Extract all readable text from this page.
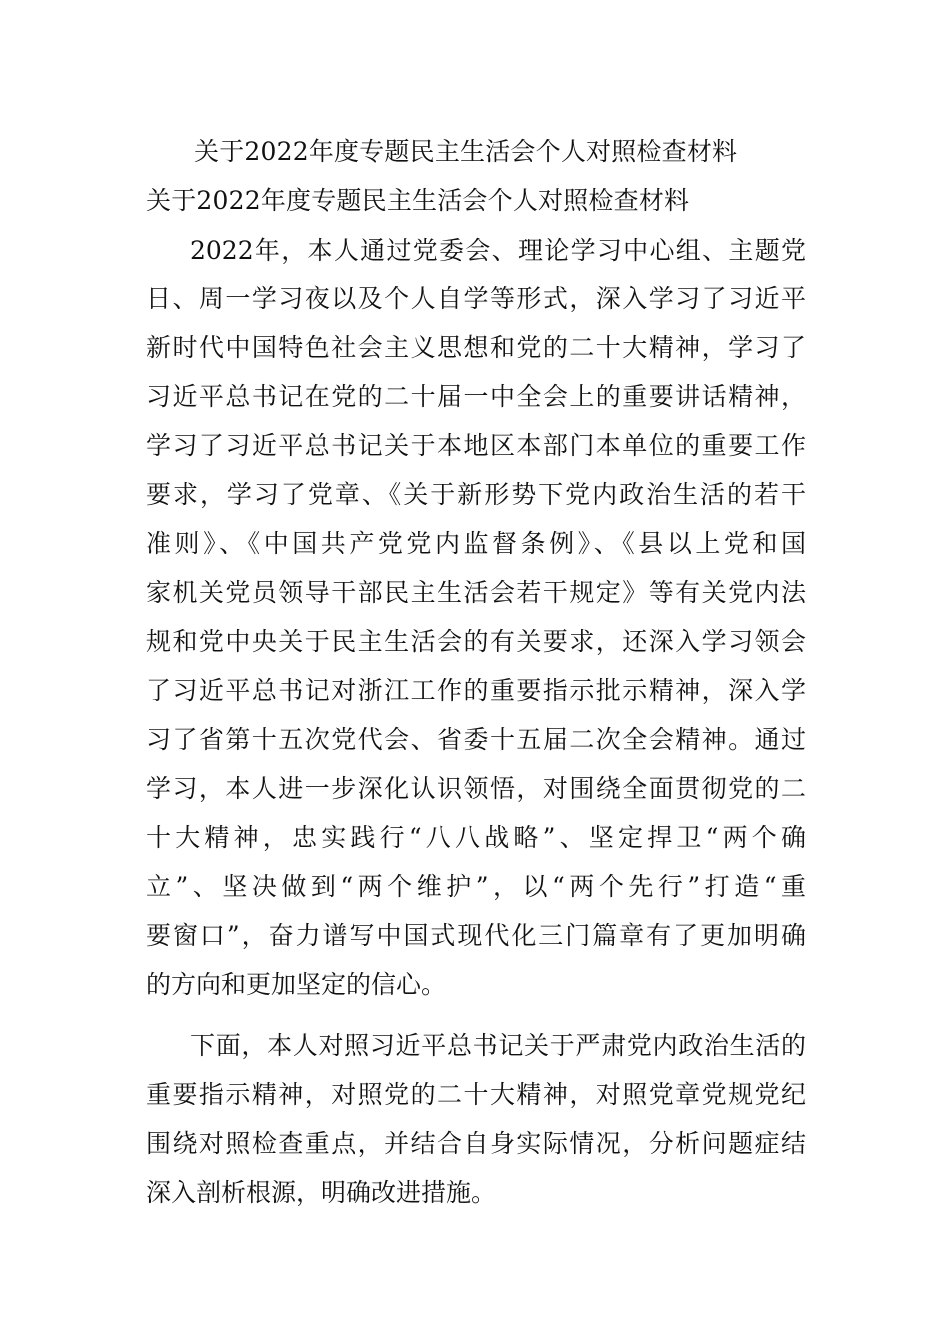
关于2022年度专题民主生活会个人对照检查材料
关于2022年度专题民主生活会个人对照检查材料
2022年，本人通过党委会、理论学习中心组、主题党
日、周一学习夜以及个人自学等形式，深入学习了习近平
新时代中国特色社会主义思想和党的二十大精神，学习了
习近平总书记在党的二十届一中全会上的重要讲话精神，
学习了习近平总书记关于本地区本部门本单位的重要工作
要求，学习了党章、《关于新形势下党内政治生活的若干
准则》、《中国共产党党内监督条例》、《县以上党和国
家机关党员领导干部民主生活会若干规定》等有关党内法
规和党中央关于民主生活会的有关要求，还深入学习领会
了习近平总书记对浙江工作的重要指示批示精神，深入学
习了省第十五次党代会、省委十五届二次全会精神。通过
学习，本人进一步深化认识领悟，对围绕全面贯彻党的二
十大精神，忠实践行“八八战略”、坚定捍卫“两个确
立”、坚决做到“两个维护”，以“两个先行”打造“重
要窗口”，奋力谱写中国式现代化三门篇章有了更加明确
的方向和更加坚定的信心。
下面，本人对照习近平总书记关于严肃党内政治生活的
重要指示精神，对照党的二十大精神，对照党章党规党纪
围绕对照检查重点，并结合自身实际情况，分析问题症结
深入剖析根源，明确改进措施。
